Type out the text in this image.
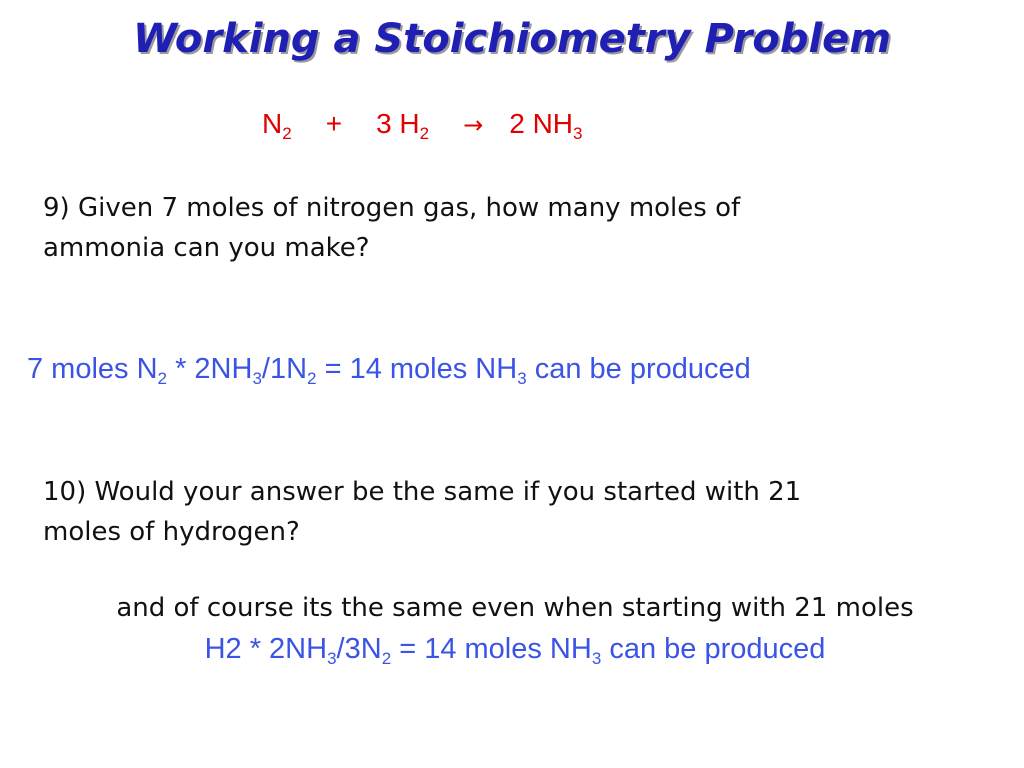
Working a Stoichiometry Problem
$N_2 + 3$ $H_2 \to 2$ $NH_3$
9) Given 7 moles of nitrogen gas, how many moles of
ammonia can you make?
7 moles $N_2 * 2NH_3/1N_2 = 14$ moles $NH_3$ can be produced
10) Would your answer be the same if you started with 21
moles of hydrogen?
and of course its the same even when starting with 21 moles
$H2 * 2NH_3/3N_2 = 14$ moles $NH_3$ can be produced
